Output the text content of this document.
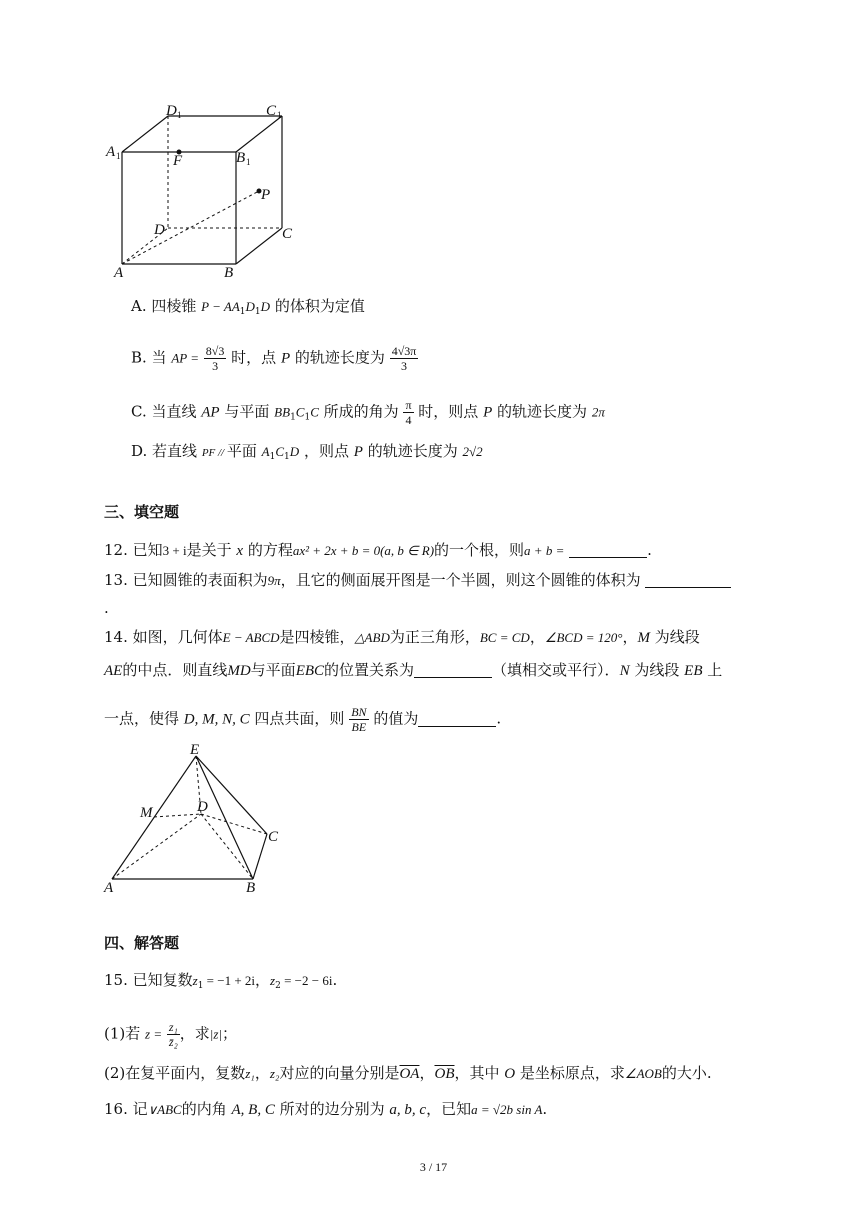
D 1	C 1
A 1	B 1
F
P
D	C
A	B
A. 四棱锥 $P - AA_1D_1D$ 的体积为定值
B. 当 AP = $\frac{8√3}{3}$ 时，点 P 的轨迹长度为 $\frac{4√3\pi}{3}$
C. 当直线 AP 与平面 $BB_1C_1C$ 所成的角为 $\frac{\pi}{4}$ 时，则点 P 的轨迹长度为 2π
D. 若直线 PF // 平面 $A_1C_1D$ ，则点 P 的轨迹长度为 2√2
三、填空题
12. 已知3 + i是关于 x 的方程ax² + 2x + b = 0(a, b ∈ R)的一个根，则a + b =	.
13. 已知圆锥的表面积为9π，且它的侧面展开图是一个半圆，则这个圆锥的体积为
.
14. 如图，几何体E − ABCD是四棱锥，△ABD为正三角形，BC = CD，∠BCD = 120°，M 为线段
AE的中点．则直线MD与平面EBC的位置关系为	（填相交或平行）．N 为线段 EB 上
一点，使得 D, M, N, C 四点共面，则 $\frac{BN}{BE}$ 的值为	.
E
M	D
C
A	B
四、解答题
15. 已知复数$z_1 = -1 + 2i$，$z_2 = -2 - 6i$.
(1)若 $z = \frac{\text{z₁}}{\text{z̄₂}}$ ，求|z|；
(2)在复平面内，复数z₁，z₂对应的向量分别是$\overline{OA}$，$\overline{OB}$，其中 O 是坐标原点，求∠AOB的大小.
16. 记∨ABC的内角 A, B, C 所对的边分别为 a, b, c，已知a = √2b sin A.
3 / 17
